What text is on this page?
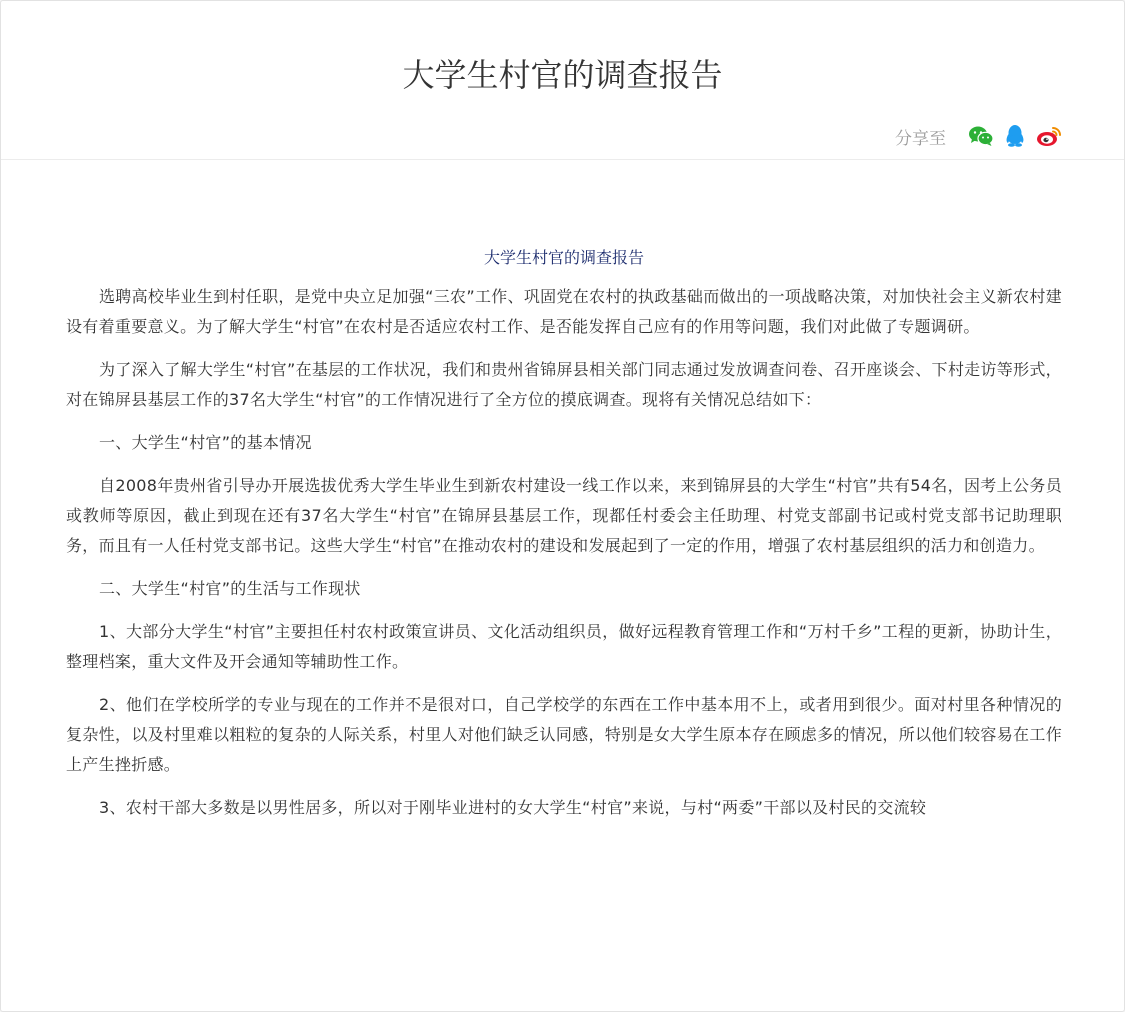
大学生村官的调查报告
分享至
大学生村官的调查报告

选聘高校毕业生到村任职，是党中央立足加强“三农”工作、巩固党在农村的执政基础而做出的一项战略决策，对加快社会主义新农村建设有着重要意义。为了解大学生“村官”在农村是否适应农村工作、是否能发挥自己应有的作用等问题，我们对此做了专题调研。

为了深入了解大学生“村官”在基层的工作状况，我们和贵州省锦屏县相关部门同志通过发放调查问卷、召开座谈会、下村走访等形式，对在锦屏县基层工作的37名大学生“村官”的工作情况进行了全方位的摸底调查。现将有关情况总结如下：

一、大学生“村官”的基本情况

自2008年贵州省引导办开展选拔优秀大学生毕业生到新农村建设一线工作以来，来到锦屏县的大学生“村官”共有54名，因考上公务员或教师等原因，截止到现在还有37名大学生“村官”在锦屏县基层工作，现都任村委会主任助理、村党支部副书记或村党支部书记助理职务，而且有一人任村党支部书记。这些大学生“村官”在推动农村的建设和发展起到了一定的作用，增强了农村基层组织的活力和创造力。

二、大学生“村官”的生活与工作现状

1、大部分大学生“村官”主要担任村农村政策宣讲员、文化活动组织员，做好远程教育管理工作和“万村千乡”工程的更新，协助计生，整理档案，重大文件及开会通知等辅助性工作。

2、他们在学校所学的专业与现在的工作并不是很对口，自己学校学的东西在工作中基本用不上，或者用到很少。面对村里各种情况的复杂性，以及村里难以粗粒的复杂的人际关系，村里人对他们缺乏认同感，特别是女大学生原本存在顾虑多的情况，所以他们较容易在工作上产生挫折感。

3、农村干部大多数是以男性居多，所以对于刚毕业进村的女大学生“村官”来说，与村“两委”干部以及村民的交流较
